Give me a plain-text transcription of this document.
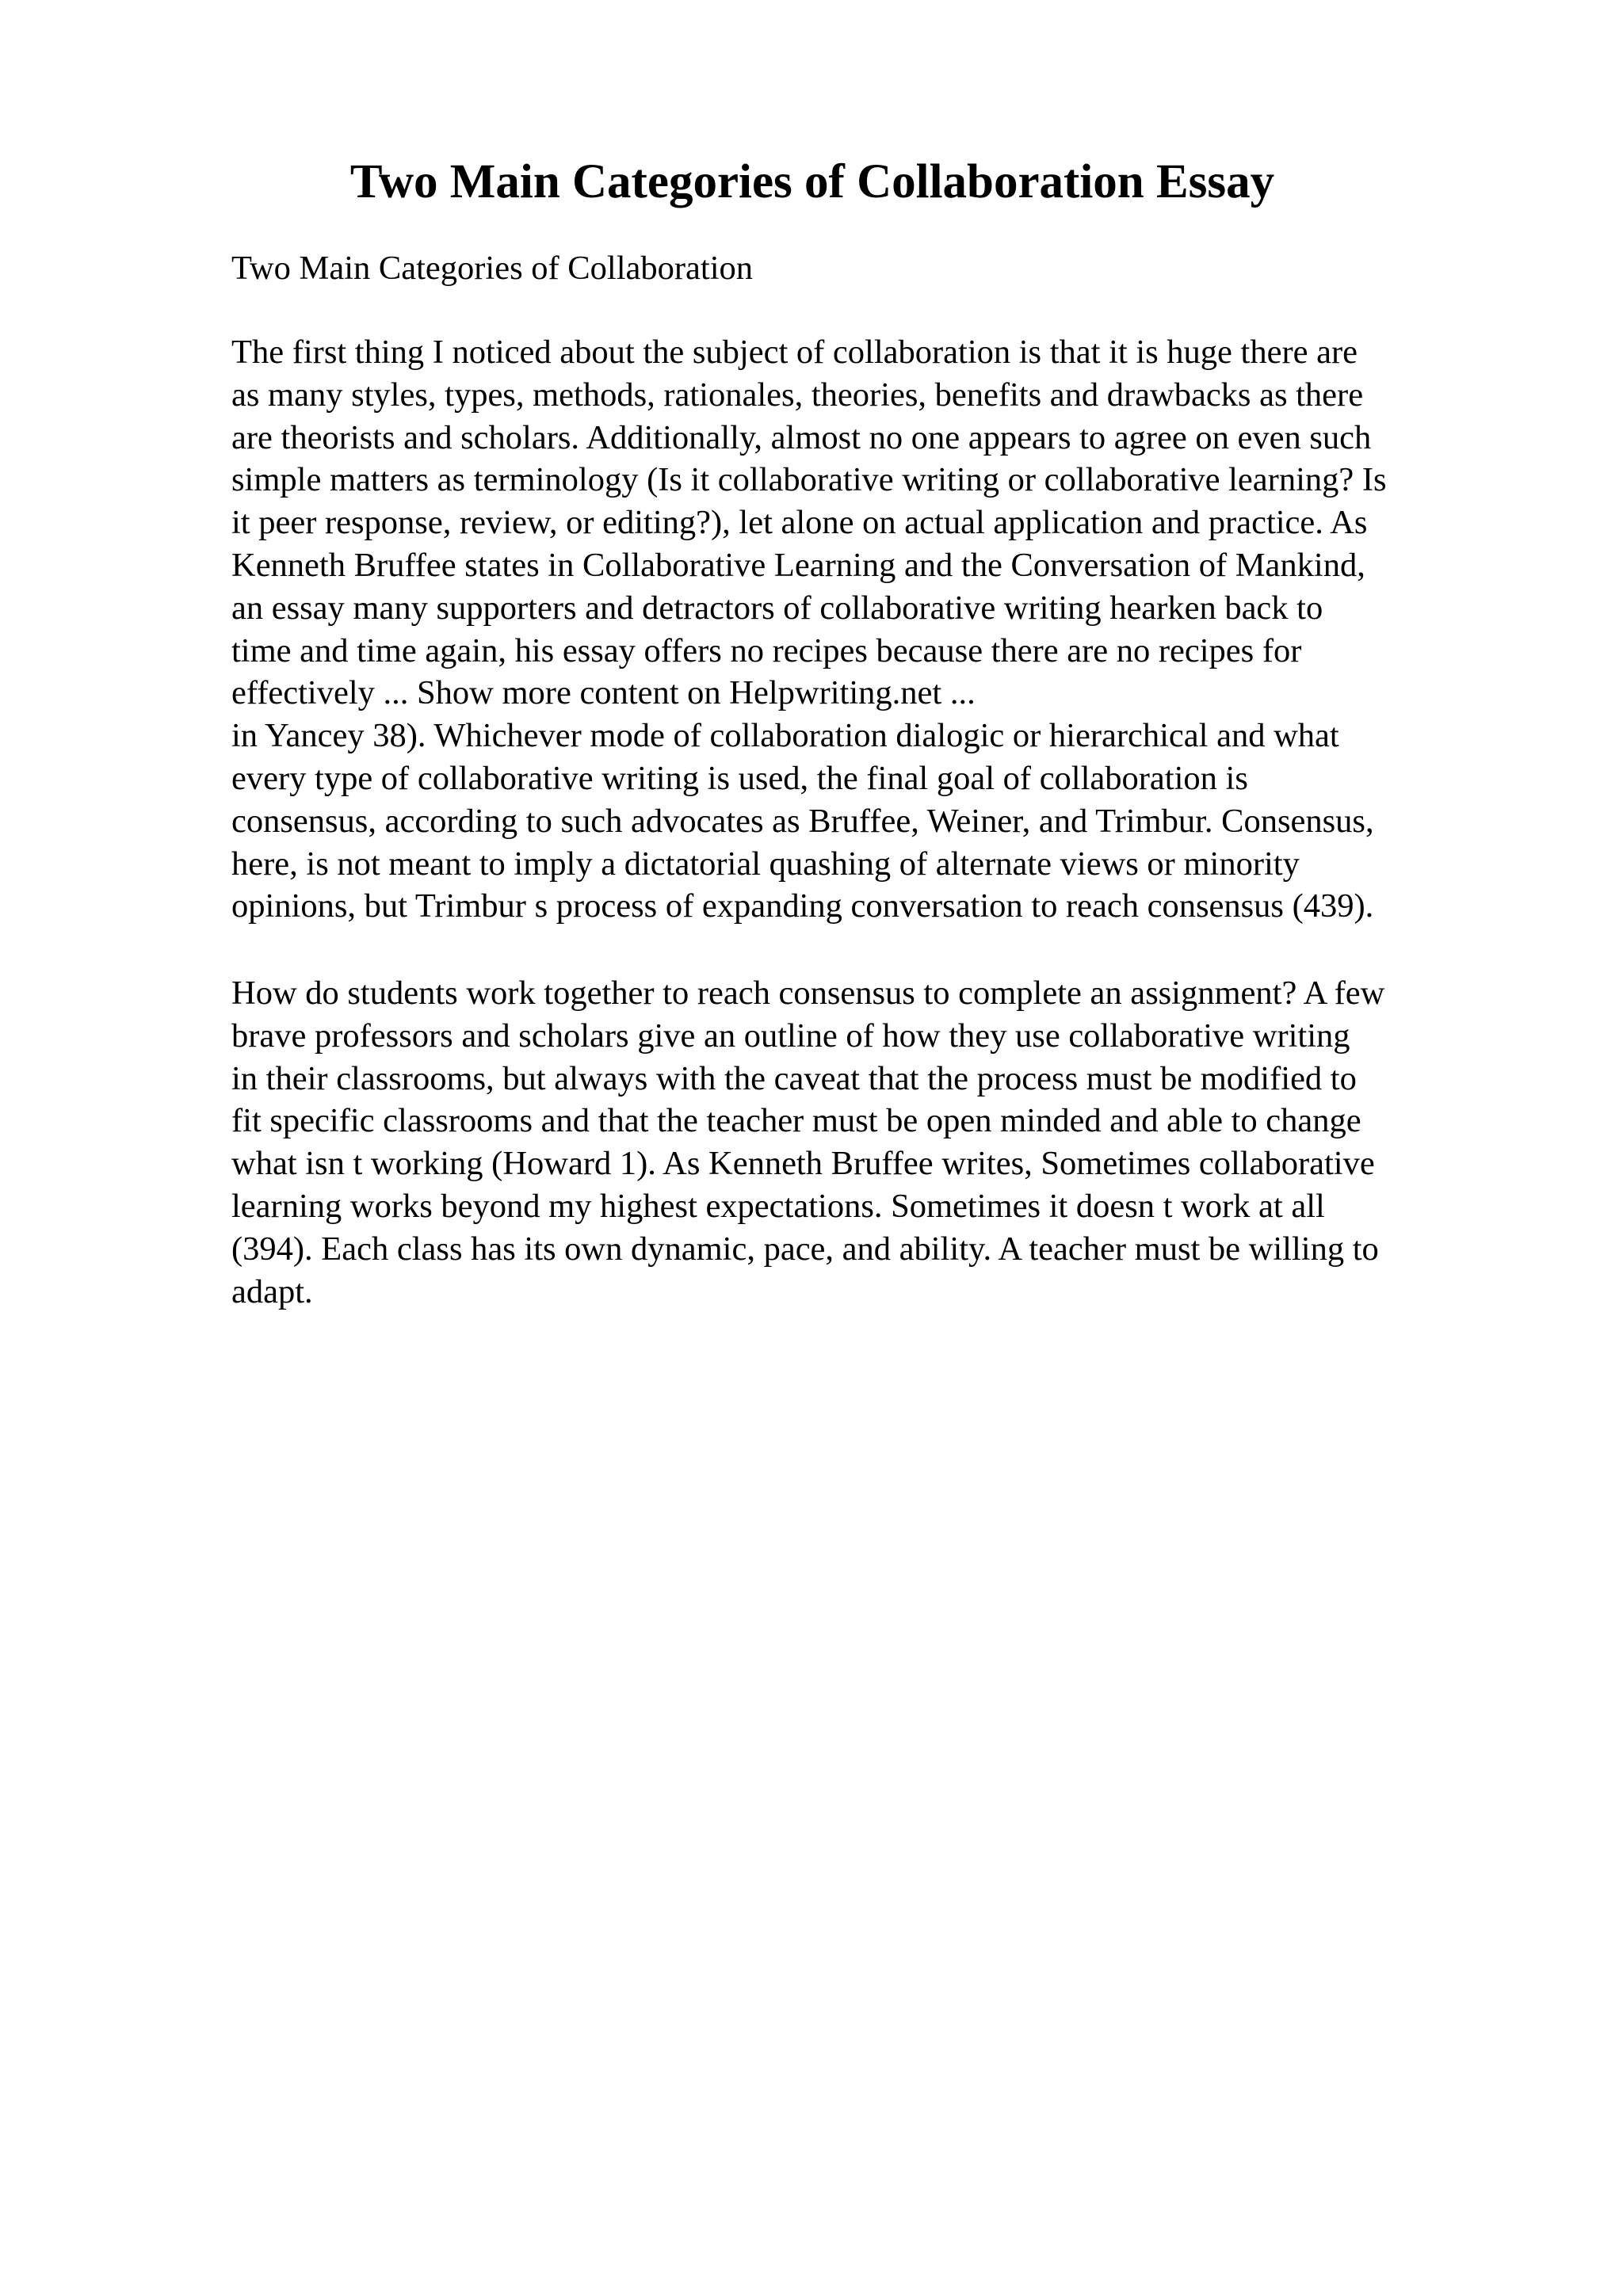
Two Main Categories of Collaboration Essay

Two Main Categories of Collaboration

The first thing I noticed about the subject of collaboration is that it is huge there are
as many styles, types, methods, rationales, theories, benefits and drawbacks as there
are theorists and scholars. Additionally, almost no one appears to agree on even such
simple matters as terminology (Is it collaborative writing or collaborative learning? Is
it peer response, review, or editing?), let alone on actual application and practice. As
Kenneth Bruffee states in Collaborative Learning and the Conversation of Mankind,
an essay many supporters and detractors of collaborative writing hearken back to
time and time again, his essay offers no recipes because there are no recipes for
effectively ... Show more content on Helpwriting.net ...
in Yancey 38). Whichever mode of collaboration dialogic or hierarchical and what
every type of collaborative writing is used, the final goal of collaboration is
consensus, according to such advocates as Bruffee, Weiner, and Trimbur. Consensus,
here, is not meant to imply a dictatorial quashing of alternate views or minority
opinions, but Trimbur s process of expanding conversation to reach consensus (439).

How do students work together to reach consensus to complete an assignment? A few
brave professors and scholars give an outline of how they use collaborative writing
in their classrooms, but always with the caveat that the process must be modified to
fit specific classrooms and that the teacher must be open minded and able to change
what isn t working (Howard 1). As Kenneth Bruffee writes, Sometimes collaborative
learning works beyond my highest expectations. Sometimes it doesn t work at all
(394). Each class has its own dynamic, pace, and ability. A teacher must be willing to
adapt.
